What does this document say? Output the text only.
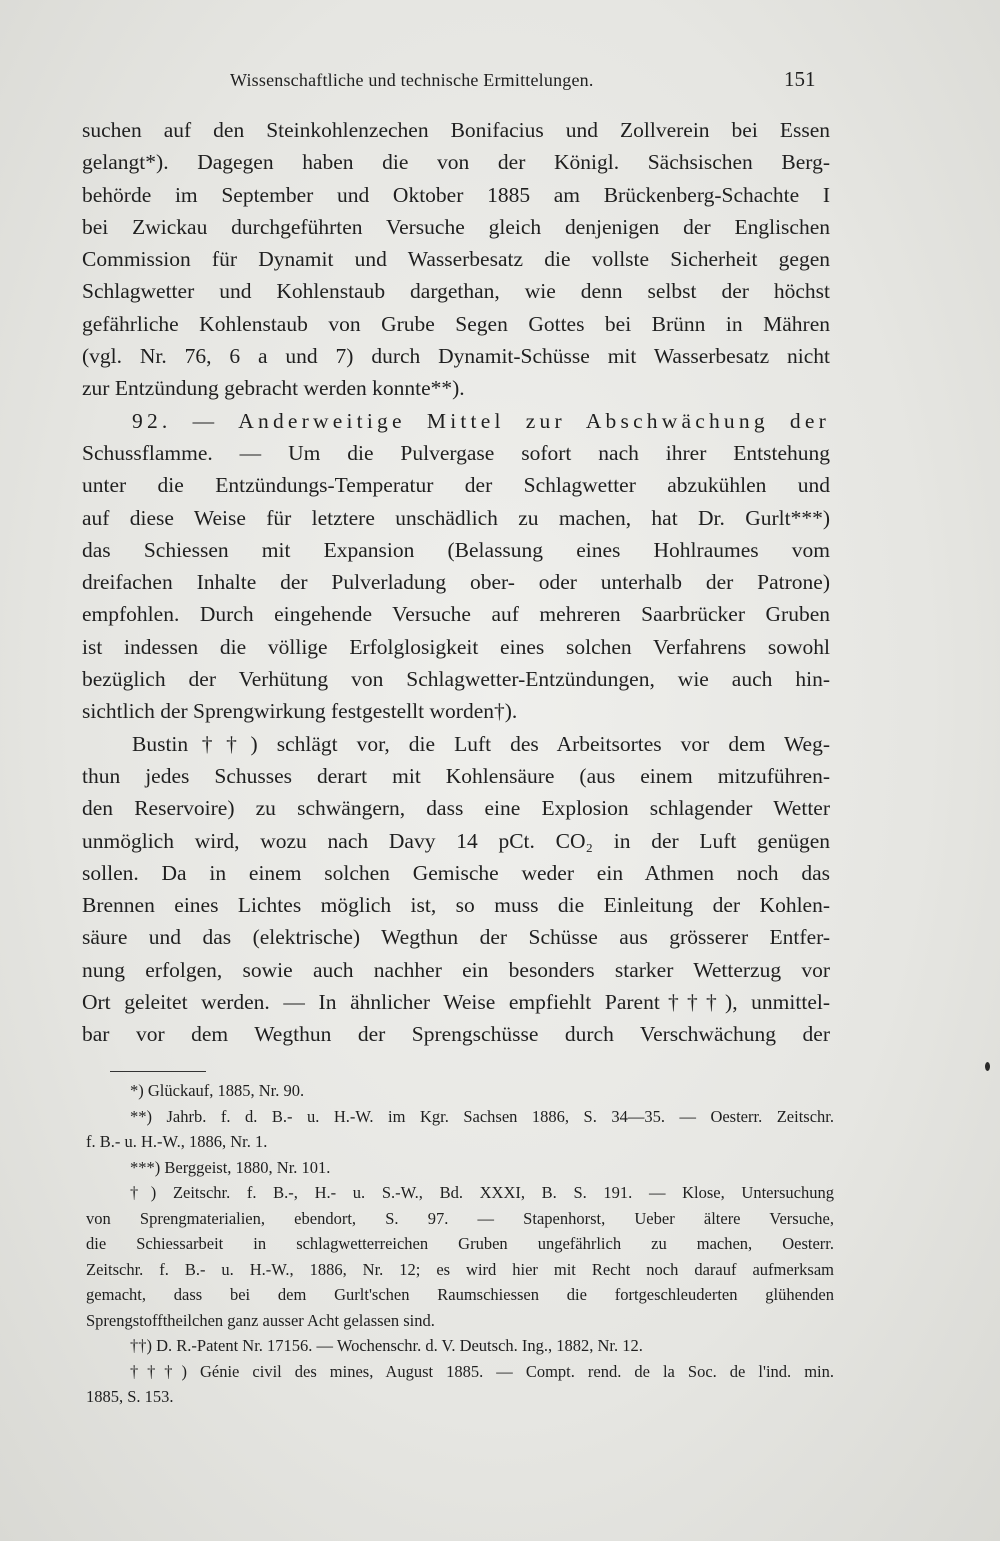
Wissenschaftliche und technische Ermittelungen.	151
suchen auf den Steinkohlenzechen Bonifacius und Zollverein bei Essen
gelangt*). Dagegen haben die von der Königl. Sächsischen Berg-
behörde im September und Oktober 1885 am Brückenberg-Schachte I
bei Zwickau durchgeführten Versuche gleich denjenigen der Englischen
Commission für Dynamit und Wasserbesatz die vollste Sicherheit gegen
Schlagwetter und Kohlenstaub dargethan, wie denn selbst der höchst
gefährliche Kohlenstaub von Grube Segen Gottes bei Brünn in Mähren
(vgl. Nr. 76, 6 a und 7) durch Dynamit-Schüsse mit Wasserbesatz nicht
zur Entzündung gebracht werden konnte**).
92. — Anderweitige Mittel zur Abschwächung der
Schussflamme. — Um die Pulvergase sofort nach ihrer Entstehung
unter die Entzündungs-Temperatur der Schlagwetter abzukühlen und
auf diese Weise für letztere unschädlich zu machen, hat Dr. Gurlt***)
das Schiessen mit Expansion (Belassung eines Hohlraumes vom
dreifachen Inhalte der Pulverladung ober- oder unterhalb der Patrone)
empfohlen. Durch eingehende Versuche auf mehreren Saarbrücker Gruben
ist indessen die völlige Erfolglosigkeit eines solchen Verfahrens sowohl
bezüglich der Verhütung von Schlagwetter-Entzündungen, wie auch hin-
sichtlich der Sprengwirkung festgestellt worden†).
Bustin††) schlägt vor, die Luft des Arbeitsortes vor dem Weg-
thun jedes Schusses derart mit Kohlensäure (aus einem mitzuführen-
den Reservoire) zu schwängern, dass eine Explosion schlagender Wetter
unmöglich wird, wozu nach Davy 14 pCt. CO₂ in der Luft genügen
sollen. Da in einem solchen Gemische weder ein Athmen noch das
Brennen eines Lichtes möglich ist, so muss die Einleitung der Kohlen-
säure und das (elektrische) Wegthun der Schüsse aus grösserer Entfer-
nung erfolgen, sowie auch nachher ein besonders starker Wetterzug vor
Ort geleitet werden. — In ähnlicher Weise empfiehlt Parent†††), unmittel-
bar vor dem Wegthun der Sprengschüsse durch Verschwächung der
*) Glückauf, 1885, Nr. 90.
**) Jahrb. f. d. B.- u. H.-W. im Kgr. Sachsen 1886, S. 34—35. — Oesterr. Zeitschr.
f. B.- u. H.-W., 1886, Nr. 1.
***) Berggeist, 1880, Nr. 101.
†) Zeitschr. f. B.-, H.- u. S.-W., Bd. XXXI, B. S. 191. — Klose, Untersuchung
von Sprengmaterialien, ebendort, S. 97. — Stapenhorst, Ueber ältere Versuche,
die Schiessarbeit in schlagwetterreichen Gruben ungefährlich zu machen, Oesterr.
Zeitschr. f. B.- u. H.-W., 1886, Nr. 12; es wird hier mit Recht noch darauf aufmerksam
gemacht, dass bei dem Gurlt'schen Raumschiessen die fortgeschleuderten glühenden
Sprengstofftheilchen ganz ausser Acht gelassen sind.
††) D. R.-Patent Nr. 17156. — Wochenschr. d. V. Deutsch. Ing., 1882, Nr. 12.
†††) Génie civil des mines, August 1885. — Compt. rend. de la Soc. de l'ind. min.
1885, S. 153.
